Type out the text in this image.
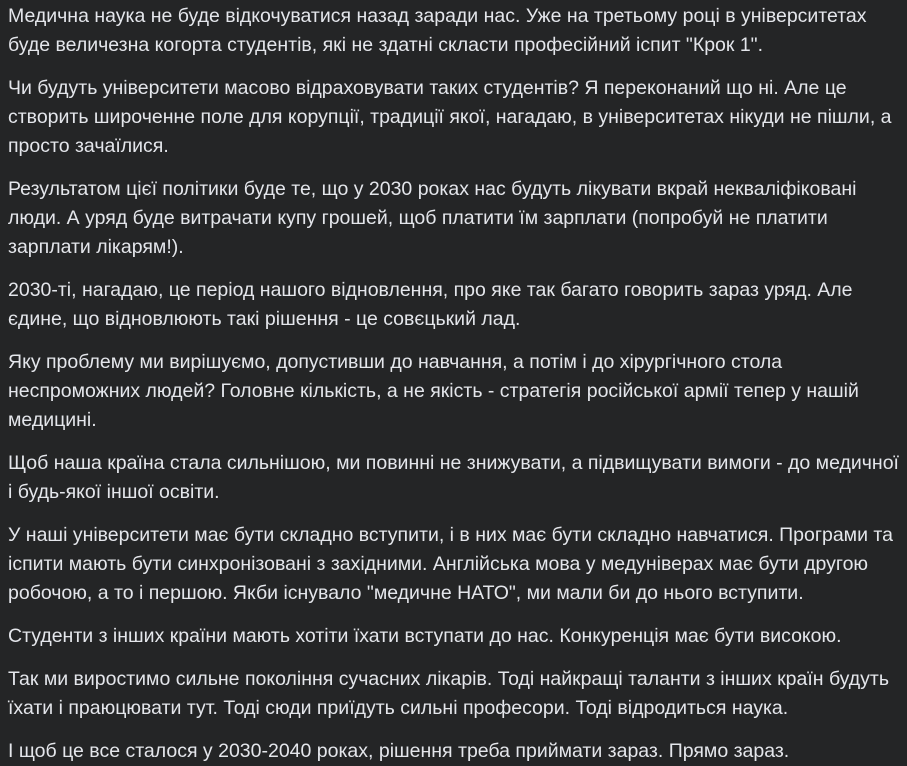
Медична наука не буде відкочуватися назад заради нас. Уже на третьому році в університетах буде величезна когорта студентів, які не здатні скласти професійний іспит "Крок 1".

Чи будуть університети масово відраховувати таких студентів? Я переконаний що ні. Але це створить широченне поле для корупції, традиції якої, нагадаю, в університетах нікуди не пішли, а просто зачаїлися.

Результатом цієї політики буде те, що у 2030 роках нас будуть лікувати вкрай некваліфіковані люди. А уряд буде витрачати купу грошей, щоб платити їм зарплати (попробуй не платити зарплати лікарям!).

2030-ті, нагадаю, це період нашого відновлення, про яке так багато говорить зараз уряд. Але єдине, що відновлюють такі рішення - це совєцький лад.

Яку проблему ми вирішуємо, допустивши до навчання, а потім і до хірургічного стола неспроможних людей? Головне кількість, а не якість - стратегія російської армії тепер у нашій медицині.

Щоб наша країна стала сильнішою, ми повинні не знижувати, а підвищувати вимоги - до медичної і будь-якої іншої освіти.

У наші університети має бути складно вступити, і в них має бути складно навчатися. Програми та іспити мають бути синхронізовані з західними. Англійська мова у медуніверах має бути другою робочою, а то і першою. Якби існувало "медичне НАТО", ми мали би до нього вступити.

Студенти з інших країни мають хотіти їхати вступати до нас. Конкуренція має бути високою.

Так ми виростимо сильне покоління сучасних лікарів. Тоді найкращі таланти з інших країн будуть їхати і праюцювати тут. Тоді сюди приїдуть сильні професори. Тоді відродиться наука.

І щоб це все сталося у 2030-2040 роках, рішення треба приймати зараз. Прямо зараз.
